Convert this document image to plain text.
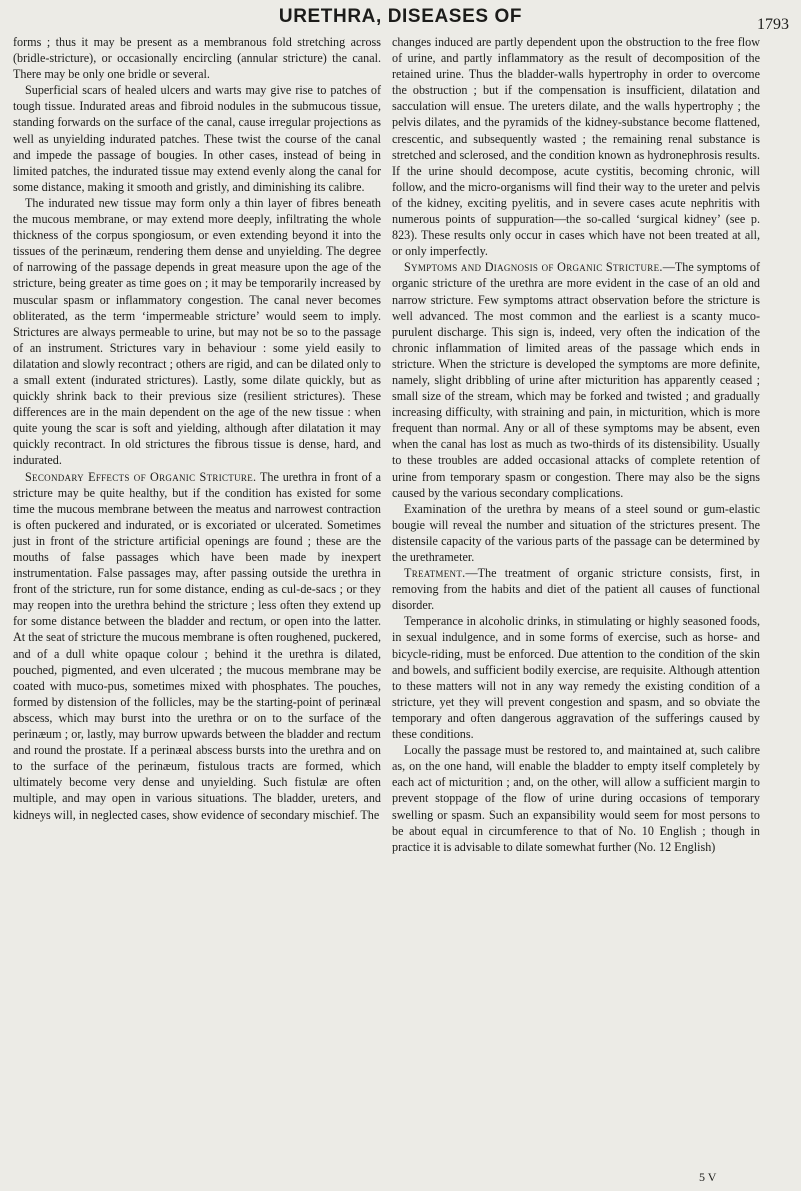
URETHRA, DISEASES OF	1793

forms ; thus it may be present as a membranous fold stretching across (bridle-stricture), or occasionally encircling (annular stricture) the canal. There may be only one bridle or several.

Superficial scars of healed ulcers and warts may give rise to patches of tough tissue. Indurated areas and fibroid nodules in the submucous tissue, standing forwards on the surface of the canal, cause irregular projections as well as unyielding indurated patches. These twist the course of the canal and impede the passage of bougies. In other cases, instead of being in limited patches, the indurated tissue may extend evenly along the canal for some distance, making it smooth and gristly, and diminishing its calibre.

The indurated new tissue may form only a thin layer of fibres beneath the mucous membrane, or may extend more deeply, infiltrating the whole thickness of the corpus spongiosum, or even extending beyond it into the tissues of the perinæum, rendering them dense and unyielding. The degree of narrowing of the passage depends in great measure upon the age of the stricture, being greater as time goes on ; it may be temporarily increased by muscular spasm or inflammatory congestion. The canal never becomes obliterated, as the term ‘impermeable stricture’ would seem to imply. Strictures are always permeable to urine, but may not be so to the passage of an instrument. Strictures vary in behaviour : some yield easily to dilatation and slowly recontract ; others are rigid, and can be dilated only to a small extent (indurated strictures). Lastly, some dilate quickly, but as quickly shrink back to their previous size (resilient strictures). These differences are in the main dependent on the age of the new tissue : when quite young the scar is soft and yielding, although after dilatation it may quickly recontract. In old strictures the fibrous tissue is dense, hard, and indurated.

Secondary Effects of Organic Stricture. The urethra in front of a stricture may be quite healthy, but if the condition has existed for some time the mucous membrane between the meatus and narrowest contraction is often puckered and indurated, or is excoriated or ulcerated. Sometimes just in front of the stricture artificial openings are found ; these are the mouths of false passages which have been made by inexpert instrumentation. False passages may, after passing outside the urethra in front of the stricture, run for some distance, ending as cul-de-sacs ; or they may reopen into the urethra behind the stricture ; less often they extend up for some distance between the bladder and rectum, or open into the latter. At the seat of stricture the mucous membrane is often roughened, puckered, and of a dull white opaque colour ; behind it the urethra is dilated, pouched, pigmented, and even ulcerated ; the mucous membrane may be coated with muco-pus, sometimes mixed with phosphates. The pouches, formed by distension of the follicles, may be the starting-point of perinæal abscess, which may burst into the urethra or on to the surface of the perinæum ; or, lastly, may burrow upwards between the bladder and rectum and round the prostate. If a perinæal abscess bursts into the urethra and on to the surface of the perinæum, fistulous tracts are formed, which ultimately become very dense and unyielding. Such fistulæ are often multiple, and may open in various situations. The bladder, ureters, and kidneys will, in neglected cases, show evidence of secondary mischief. The

changes induced are partly dependent upon the obstruction to the free flow of urine, and partly inflammatory as the result of decomposition of the retained urine. Thus the bladder-walls hypertrophy in order to overcome the obstruction ; but if the compensation is insufficient, dilatation and sacculation will ensue. The ureters dilate, and the walls hypertrophy ; the pelvis dilates, and the pyramids of the kidney-substance become flattened, crescentic, and subsequently wasted ; the remaining renal substance is stretched and sclerosed, and the condition known as hydronephrosis results. If the urine should decompose, acute cystitis, becoming chronic, will follow, and the micro-organisms will find their way to the ureter and pelvis of the kidney, exciting pyelitis, and in severe cases acute nephritis with numerous points of suppuration—the so-called ‘surgical kidney’ (see p. 823). These results only occur in cases which have not been treated at all, or only imperfectly.

Symptoms and Diagnosis of Organic Stricture.—The symptoms of organic stricture of the urethra are more evident in the case of an old and narrow stricture. Few symptoms attract observation before the stricture is well advanced. The most common and the earliest is a scanty muco-purulent discharge. This sign is, indeed, very often the indication of the chronic inflammation of limited areas of the passage which ends in stricture. When the stricture is developed the symptoms are more definite, namely, slight dribbling of urine after micturition has apparently ceased ; small size of the stream, which may be forked and twisted ; and gradually increasing difficulty, with straining and pain, in micturition, which is more frequent than normal. Any or all of these symptoms may be absent, even when the canal has lost as much as two-thirds of its distensibility. Usually to these troubles are added occasional attacks of complete retention of urine from temporary spasm or congestion. There may also be the signs caused by the various secondary complications.

Examination of the urethra by means of a steel sound or gum-elastic bougie will reveal the number and situation of the strictures present. The distensile capacity of the various parts of the passage can be determined by the urethrameter.

Treatment.—The treatment of organic stricture consists, first, in removing from the habits and diet of the patient all causes of functional disorder.

Temperance in alcoholic drinks, in stimulating or highly seasoned foods, in sexual indulgence, and in some forms of exercise, such as horse- and bicycle-riding, must be enforced. Due attention to the condition of the skin and bowels, and sufficient bodily exercise, are requisite. Although attention to these matters will not in any way remedy the existing condition of a stricture, yet they will prevent congestion and spasm, and so obviate the temporary and often dangerous aggravation of the sufferings caused by these conditions.

Locally the passage must be restored to, and maintained at, such calibre as, on the one hand, will enable the bladder to empty itself completely by each act of micturition ; and, on the other, will allow a sufficient margin to prevent stoppage of the flow of urine during occasions of temporary swelling or spasm. Such an expansibility would seem for most persons to be about equal in circumference to that of No. 10 English ; though in practice it is advisable to dilate somewhat further (No. 12 English)

5 V
